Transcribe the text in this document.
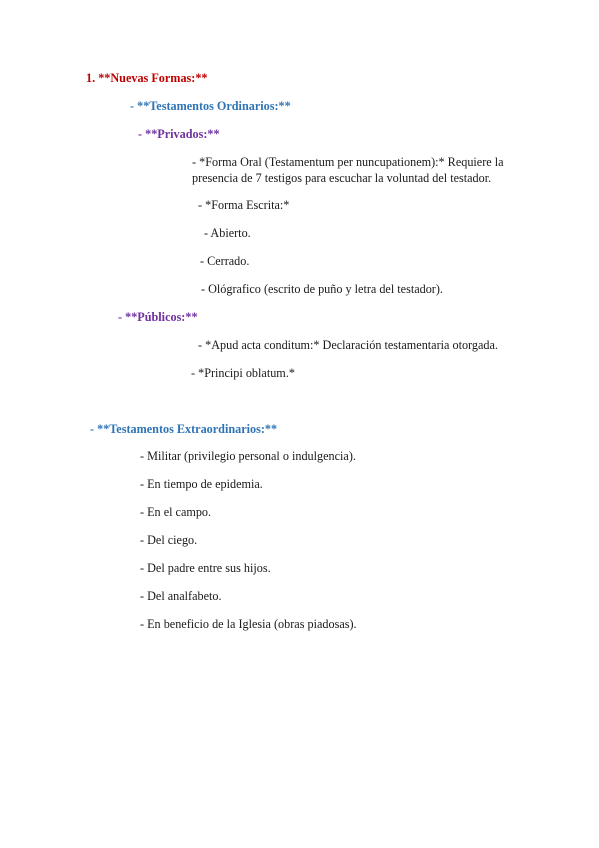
1. **Nuevas Formas:**
- **Testamentos Ordinarios:**
- **Privados:**
- *Forma Oral (Testamentum per nuncupationem):* Requiere la presencia de 7 testigos para escuchar la voluntad del testador.
- *Forma Escrita:*
- Abierto.
- Cerrado.
- Ológrafico (escrito de puño y letra del testador).
- **Públicos:**
- *Apud acta conditum:* Declaración testamentaria otorgada.
- *Principi oblatum.*
- **Testamentos Extraordinarios:**
- Militar (privilegio personal o indulgencia).
- En tiempo de epidemia.
- En el campo.
- Del ciego.
- Del padre entre sus hijos.
- Del analfabeto.
- En beneficio de la Iglesia (obras piadosas).
